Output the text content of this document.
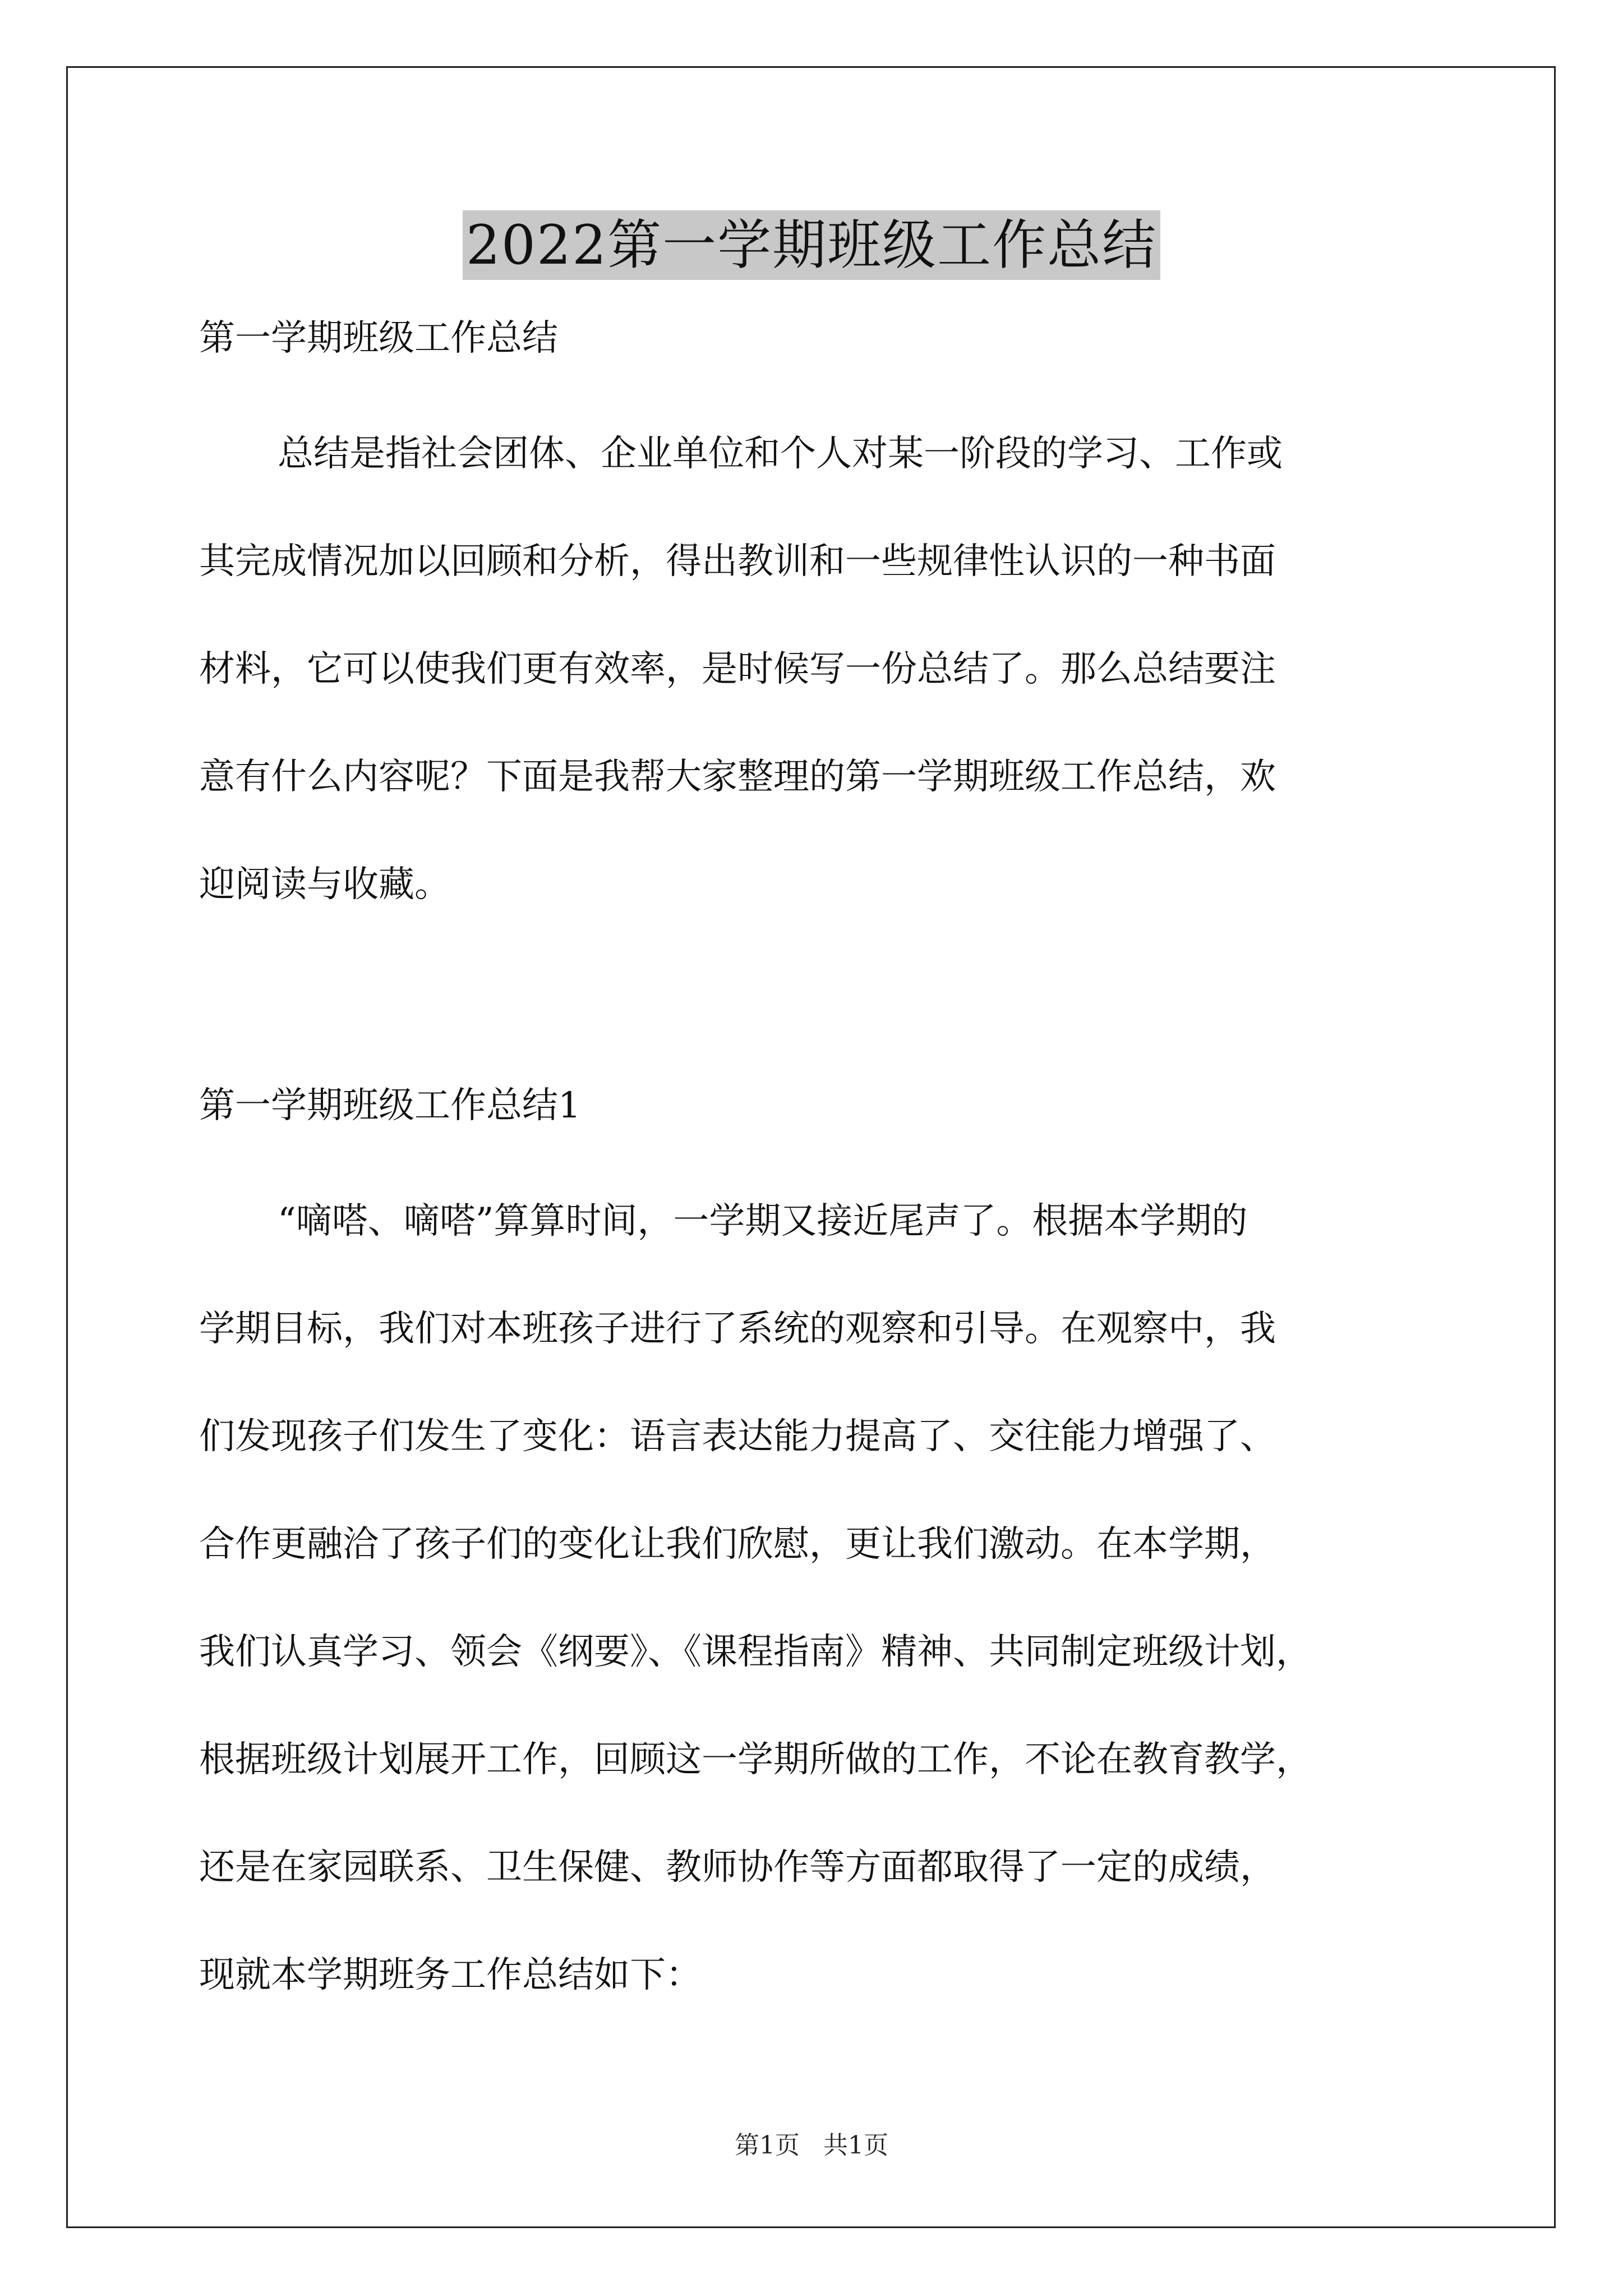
2022第一学期班级工作总结

第一学期班级工作总结

总结是指社会团体、企业单位和个人对某一阶段的学习、工作或
其完成情况加以回顾和分析，得出教训和一些规律性认识的一种书面
材料，它可以使我们更有效率，是时候写一份总结了。那么总结要注
意有什么内容呢？下面是我帮大家整理的第一学期班级工作总结，欢
迎阅读与收藏。

第一学期班级工作总结1

“嘀嗒、嘀嗒”算算时间，一学期又接近尾声了。根据本学期的
学期目标，我们对本班孩子进行了系统的观察和引导。在观察中，我
们发现孩子们发生了变化：语言表达能力提高了、交往能力增强了、
合作更融洽了孩子们的变化让我们欣慰，更让我们激动。在本学期，
我们认真学习、领会《纲要》、《课程指南》精神、共同制定班级计划，
根据班级计划展开工作，回顾这一学期所做的工作，不论在教育教学，
还是在家园联系、卫生保健、教师协作等方面都取得了一定的成绩，
现就本学期班务工作总结如下：

第1页   共1页
